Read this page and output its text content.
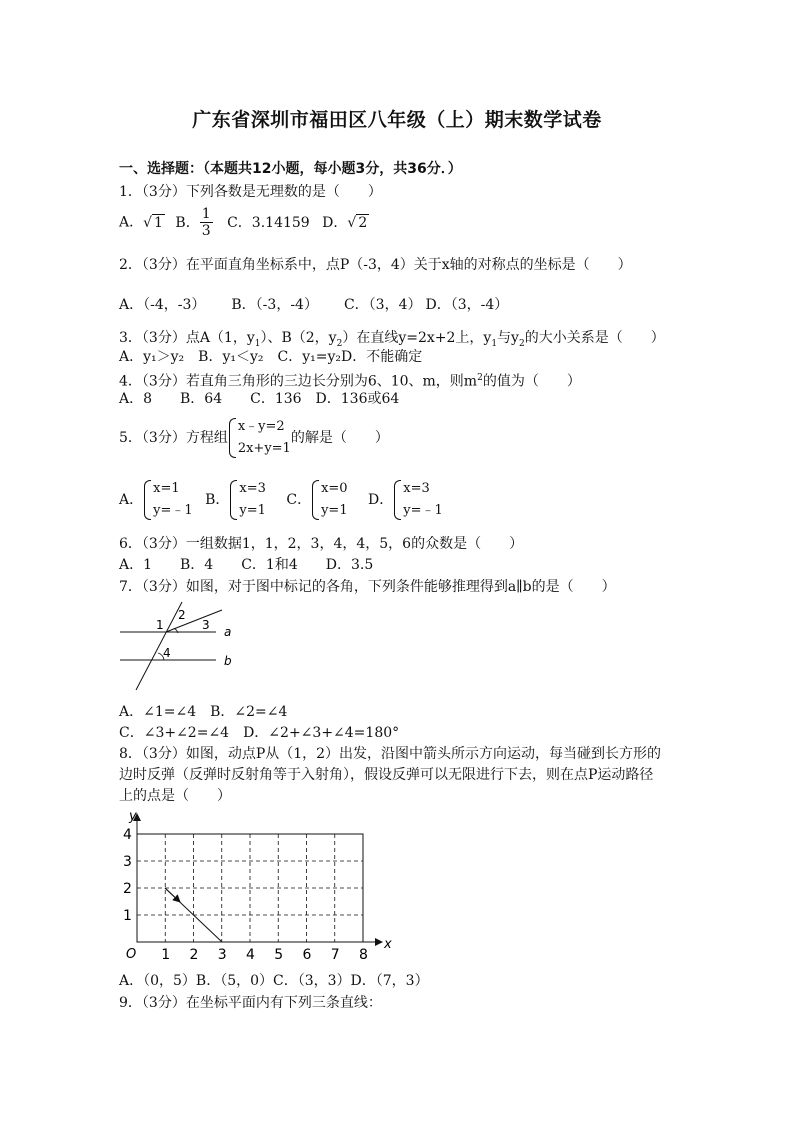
广东省深圳市福田区八年级（上）期末数学试卷
一、选择题：（本题共12小题，每小题3分，共36分．）
1．（3分）下列各数是无理数的是（　　）
A．√ 1 B． $\frac{1}{3}$ C．3.14159 D．√ 2
2．（3分）在平面直角坐标系中，点P（-3，4）关于x轴的对称点的坐标是（　　）
A．（-4，-3） B．（-3，-4） C．（3，4） D．（3，-4）
3．（3分）点A（1，$y_1$）、B（2，$y_2$）在直线y=2x+2上，$y_1$与$y_2$的大小关系是（　　）
A．y₁＞y₂　B．y₁＜y₂　C．y₁=y₂D．不能确定
4．（3分）若直角三角形的三边长分别为6、10、m，则$m^2$的值为（　　）
A．8　　B．64　　C．136　D．136或64
5．（3分）方程组
x﹣y=2
2x+y=1
的解是（　　）
A．
x=1
y=﹣1
B．
x=3
y=1
C．
x=0
y=1
D．
x=3
y=﹣1
6．（3分）一组数据1，1，2，3，4，4，5，6的众数是（　　）
A．1　　B．4　　C．1和4　　D．3.5
7．（3分）如图，对于图中标记的各角，下列条件能够推理得到a∥b的是（　　）
1
2
3
4
a
b
A．∠1=∠4　B．∠2=∠4
C．∠3+∠2=∠4　D．∠2+∠3+∠4=180°
8．（3分）如图，动点P从（1，2）出发，沿图中箭头所示方向运动，每当碰到长方形的
边时反弹（反弹时反射角等于入射角），假设反弹可以无限进行下去，则在点P运动路径
上的点是（　　）
O
x
y
1 2 3 4 5 6 7 8
1
2
3
4
A．（0，5）B．（5，0）C．（3，3）D．（7，3）
9．（3分）在坐标平面内有下列三条直线：
